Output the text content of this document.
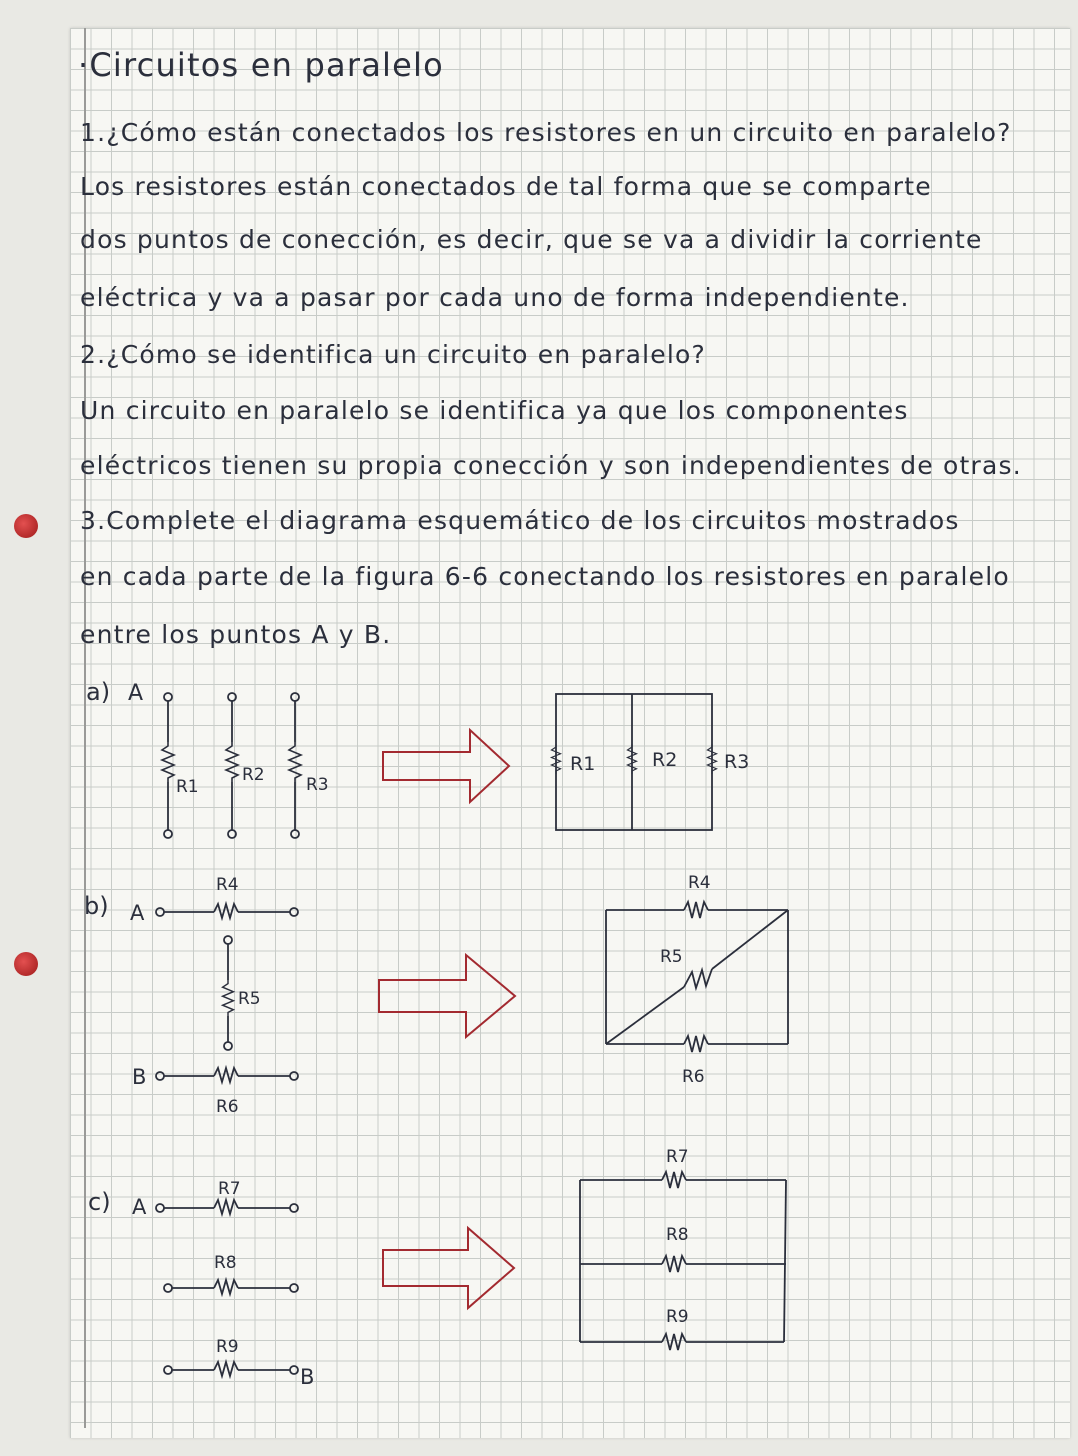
·Circuitos en paralelo
1.¿Cómo están conectados los resistores en un circuito en paralelo?
Los resistores están conectados de tal forma que se comparte
dos puntos de conección, es decir, que se va a dividir la corriente
eléctrica y va a pasar por cada uno de forma independiente.
2.¿Cómo se identifica un circuito en paralelo?
Un circuito en paralelo se identifica ya que los componentes
eléctricos tienen su propia conección y son independientes de otras.
3.Complete el diagrama esquemático de los circuitos mostrados
en cada parte de la figura 6-6 conectando los resistores en paralelo
entre los puntos A y B.
a)
b)
c)
A
R1
R2 R3
R1	R2 R3
A
R4
R5
B
R6
R4
R5
R6
A
R7
R8
R9
B
R7
R8
R9
